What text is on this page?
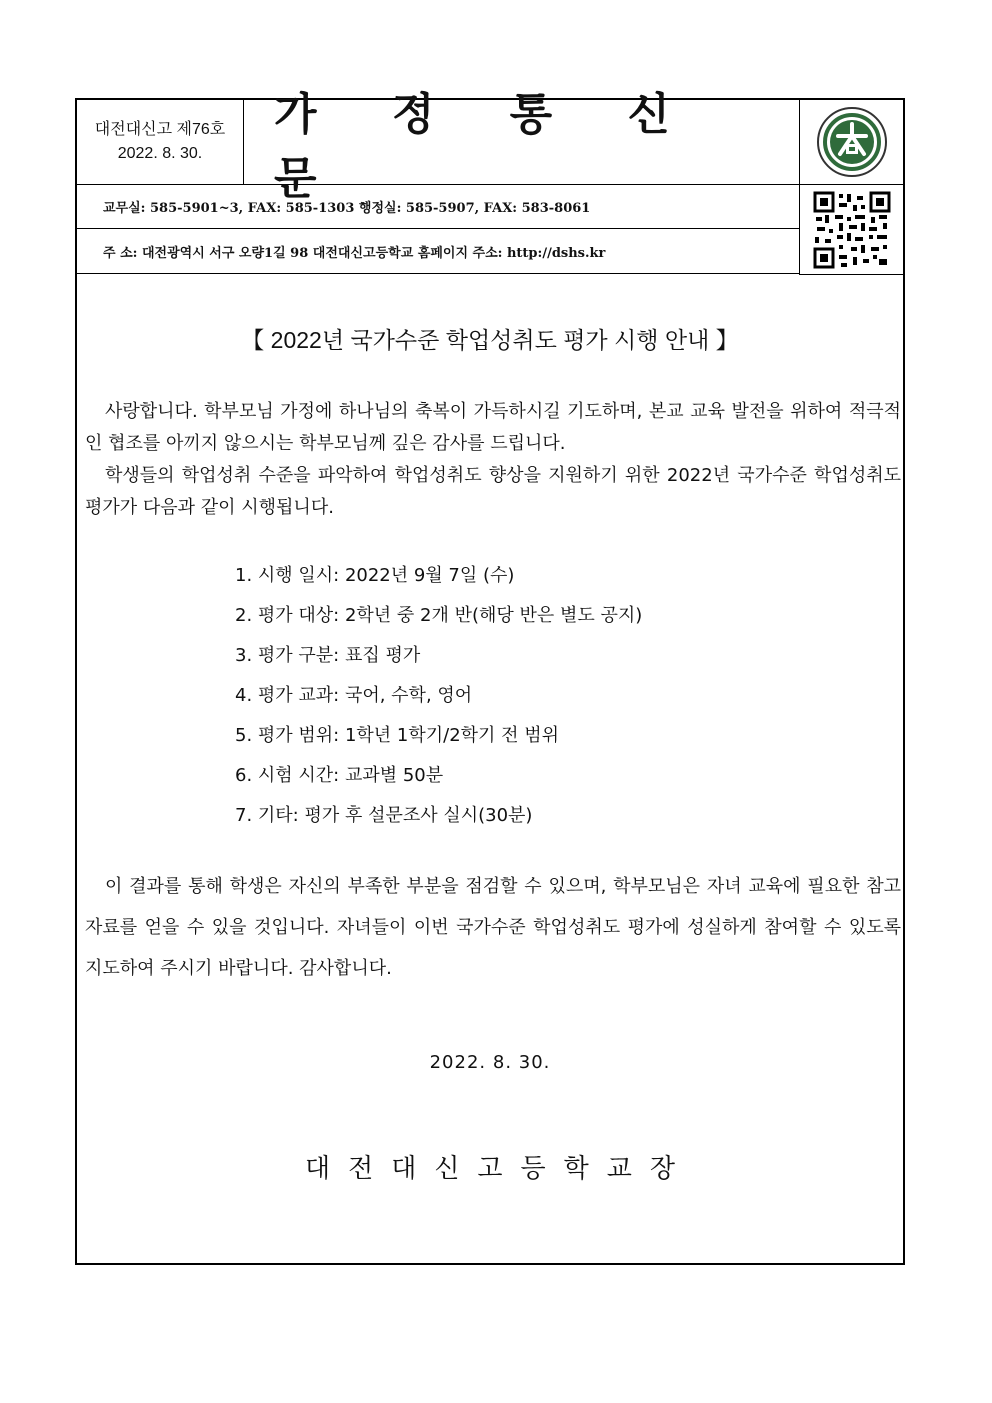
대전대신고 제76호
2022. 8. 30.
가 정 통 신 문
교무실: 585-5901~3, FAX: 585-1303 행정실: 585-5907, FAX: 583-8061
주 소: 대전광역시 서구 오량1길 98 대전대신고등학교 홈페이지 주소: http://dshs.kr
【 2022년 국가수준 학업성취도 평가 시행 안내 】

사랑합니다. 학부모님 가정에 하나님의 축복이 가득하시길 기도하며, 본교 교육 발전을 위하여 적극적인 협조를 아끼지 않으시는 학부모님께 깊은 감사를 드립니다.

학생들의 학업성취 수준을 파악하여 학업성취도 향상을 지원하기 위한 2022년 국가수준 학업성취도 평가가 다음과 같이 시행됩니다.

1. 시행 일시: 2022년 9월 7일 (수)
2. 평가 대상: 2학년 중 2개 반(해당 반은 별도 공지)
3. 평가 구분: 표집 평가
4. 평가 교과: 국어, 수학, 영어
5. 평가 범위: 1학년 1학기/2학기 전 범위
6. 시험 시간: 교과별 50분
7. 기타: 평가 후 설문조사 실시(30분)

이 결과를 통해 학생은 자신의 부족한 부분을 점검할 수 있으며, 학부모님은 자녀 교육에 필요한 참고 자료를 얻을 수 있을 것입니다. 자녀들이 이번 국가수준 학업성취도 평가에 성실하게 참여할 수 있도록 지도하여 주시기 바랍니다. 감사합니다.

2022. 8. 30.
대전대신고등학교장
